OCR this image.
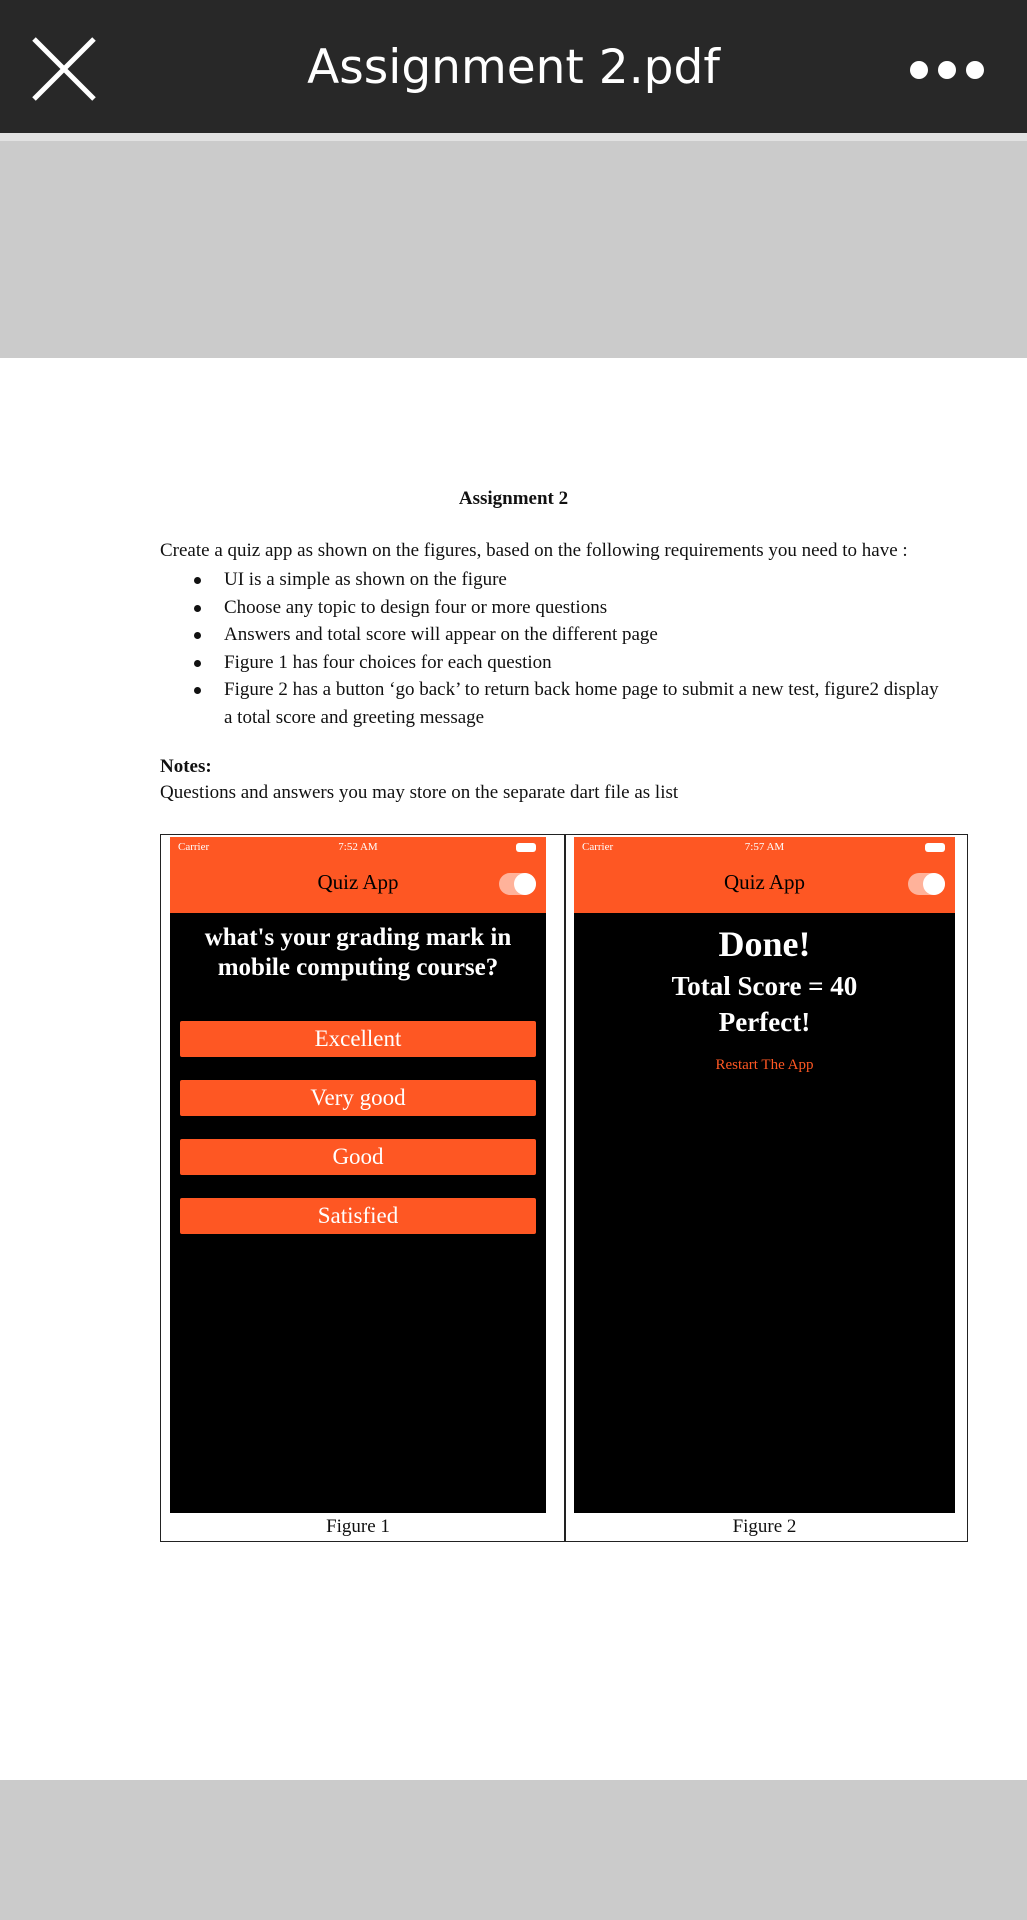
Assignment 2.pdf
Assignment 2
Create a quiz app as shown on the figures, based on the following requirements you need to have :
UI is a simple as shown on the figure
Choose any topic to design four or more questions
Answers and total score will appear on the different page
Figure 1 has four choices for each question
Figure 2 has a button ‘go back’ to return back home page to submit a new test, figure2 display a total score and greeting message
Notes:
Questions and answers you may store on the separate dart file as list
Carrier	7:52 AM
Quiz App
what's your grading mark in mobile computing course?
Excellent
Very good
Good
Satisfied
Figure 1
Carrier	7:57 AM
Quiz App
Done!
Total Score = 40
Perfect!
Restart The App
Figure 2
